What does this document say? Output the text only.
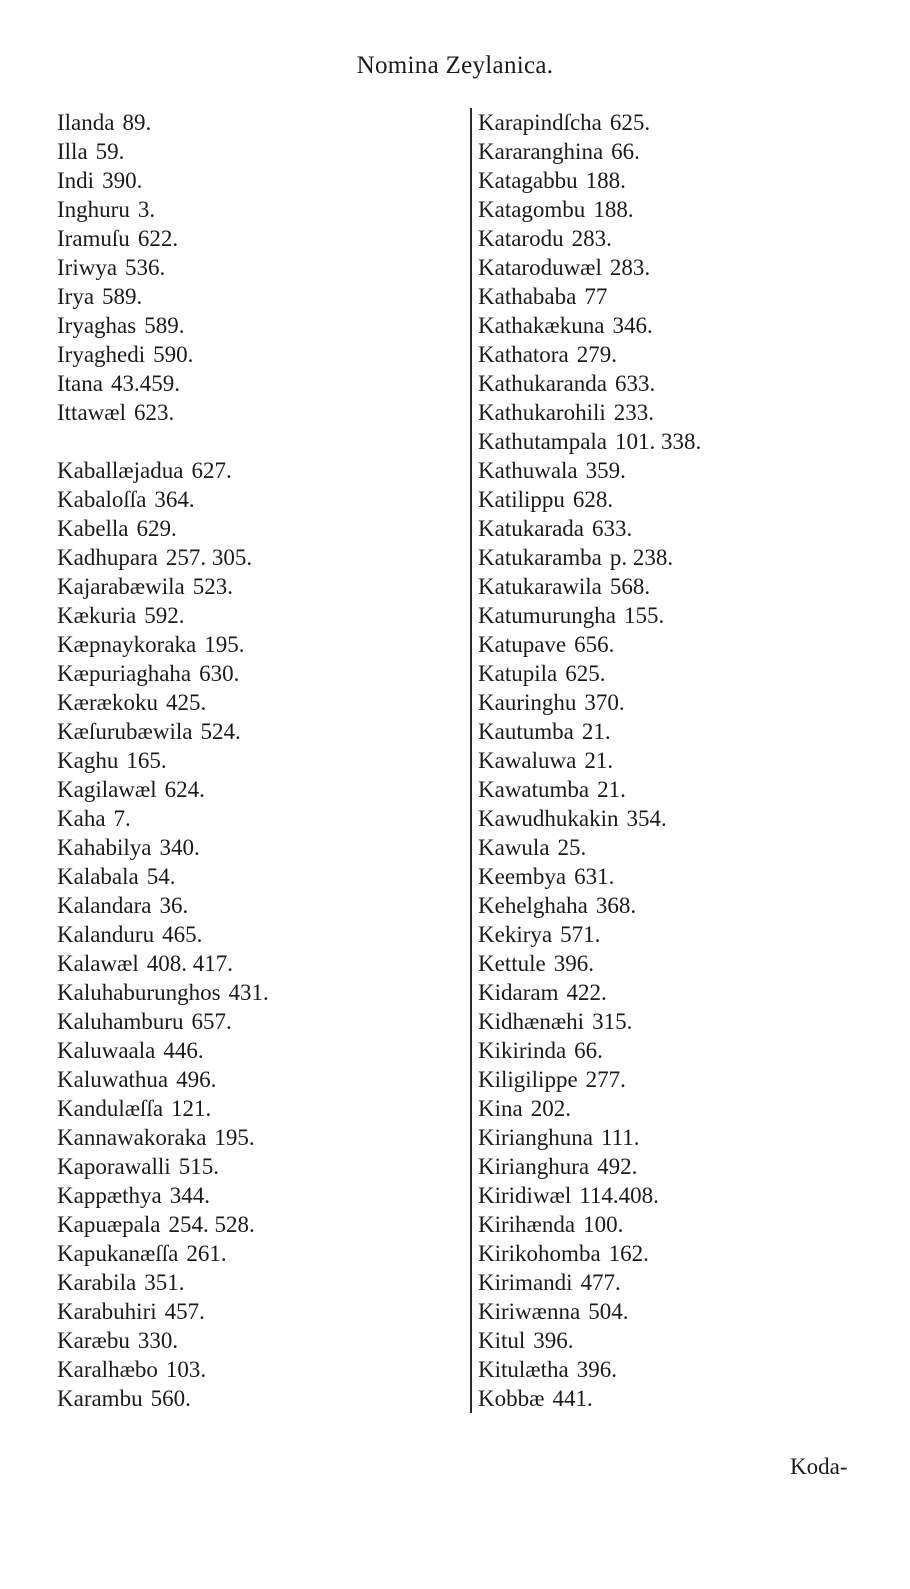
Nomina Zeylanica.
Ilanda 89.
Illa 59.
Indi 390.
Inghuru 3.
Iramuſu 622.
Iriwya 536.
Irya 589.
Iryaghas 589.
Iryaghedi 590.
Itana 43.459.
Ittawæl 623.
Kaballæjadua 627.
Kabaloſſa 364.
Kabella 629.
Kadhupara 257. 305.
Kajarabæwila 523.
Kækuria 592.
Kæpnaykoraka 195.
Kæpuriaghaha 630.
Kærækoku 425.
Kæſurubæwila 524.
Kaghu 165.
Kagilawæl 624.
Kaha 7.
Kahabilya 340.
Kalabala 54.
Kalandara 36.
Kalanduru 465.
Kalawæl 408. 417.
Kaluhaburunghos 431.
Kaluhamburu 657.
Kaluwaala 446.
Kaluwathua 496.
Kandulæſſa 121.
Kannawakoraka 195.
Kaporawalli 515.
Kappæthya 344.
Kapuæpala 254. 528.
Kapukanæſſa 261.
Karabila 351.
Karabuhiri 457.
Karæbu 330.
Karalhæbo 103.
Karambu 560.
Karapindſcha 625.
Kararanghina 66.
Katagabbu 188.
Katagombu 188.
Katarodu 283.
Kataroduwæl 283.
Kathababa 77
Kathakækuna 346.
Kathatora 279.
Kathukaranda 633.
Kathukarohili 233.
Kathutampala 101. 338.
Kathuwala 359.
Katilippu 628.
Katukarada 633.
Katukaramba p. 238.
Katukarawila 568.
Katumurungha 155.
Katupave 656.
Katupila 625.
Kauringhu 370.
Kautumba 21.
Kawaluwa 21.
Kawatumba 21.
Kawudhukakin 354.
Kawula 25.
Keembya 631.
Kehelghaha 368.
Kekirya 571.
Kettule 396.
Kidaram 422.
Kidhænæhi 315.
Kikirinda 66.
Kiligilippe 277.
Kina 202.
Kirianghuna 111.
Kirianghura 492.
Kiridiwæl 114.408.
Kirihænda 100.
Kirikohomba 162.
Kirimandi 477.
Kiriwænna 504.
Kitul 396.
Kitulætha 396.
Kobbæ 441.
Koda-
